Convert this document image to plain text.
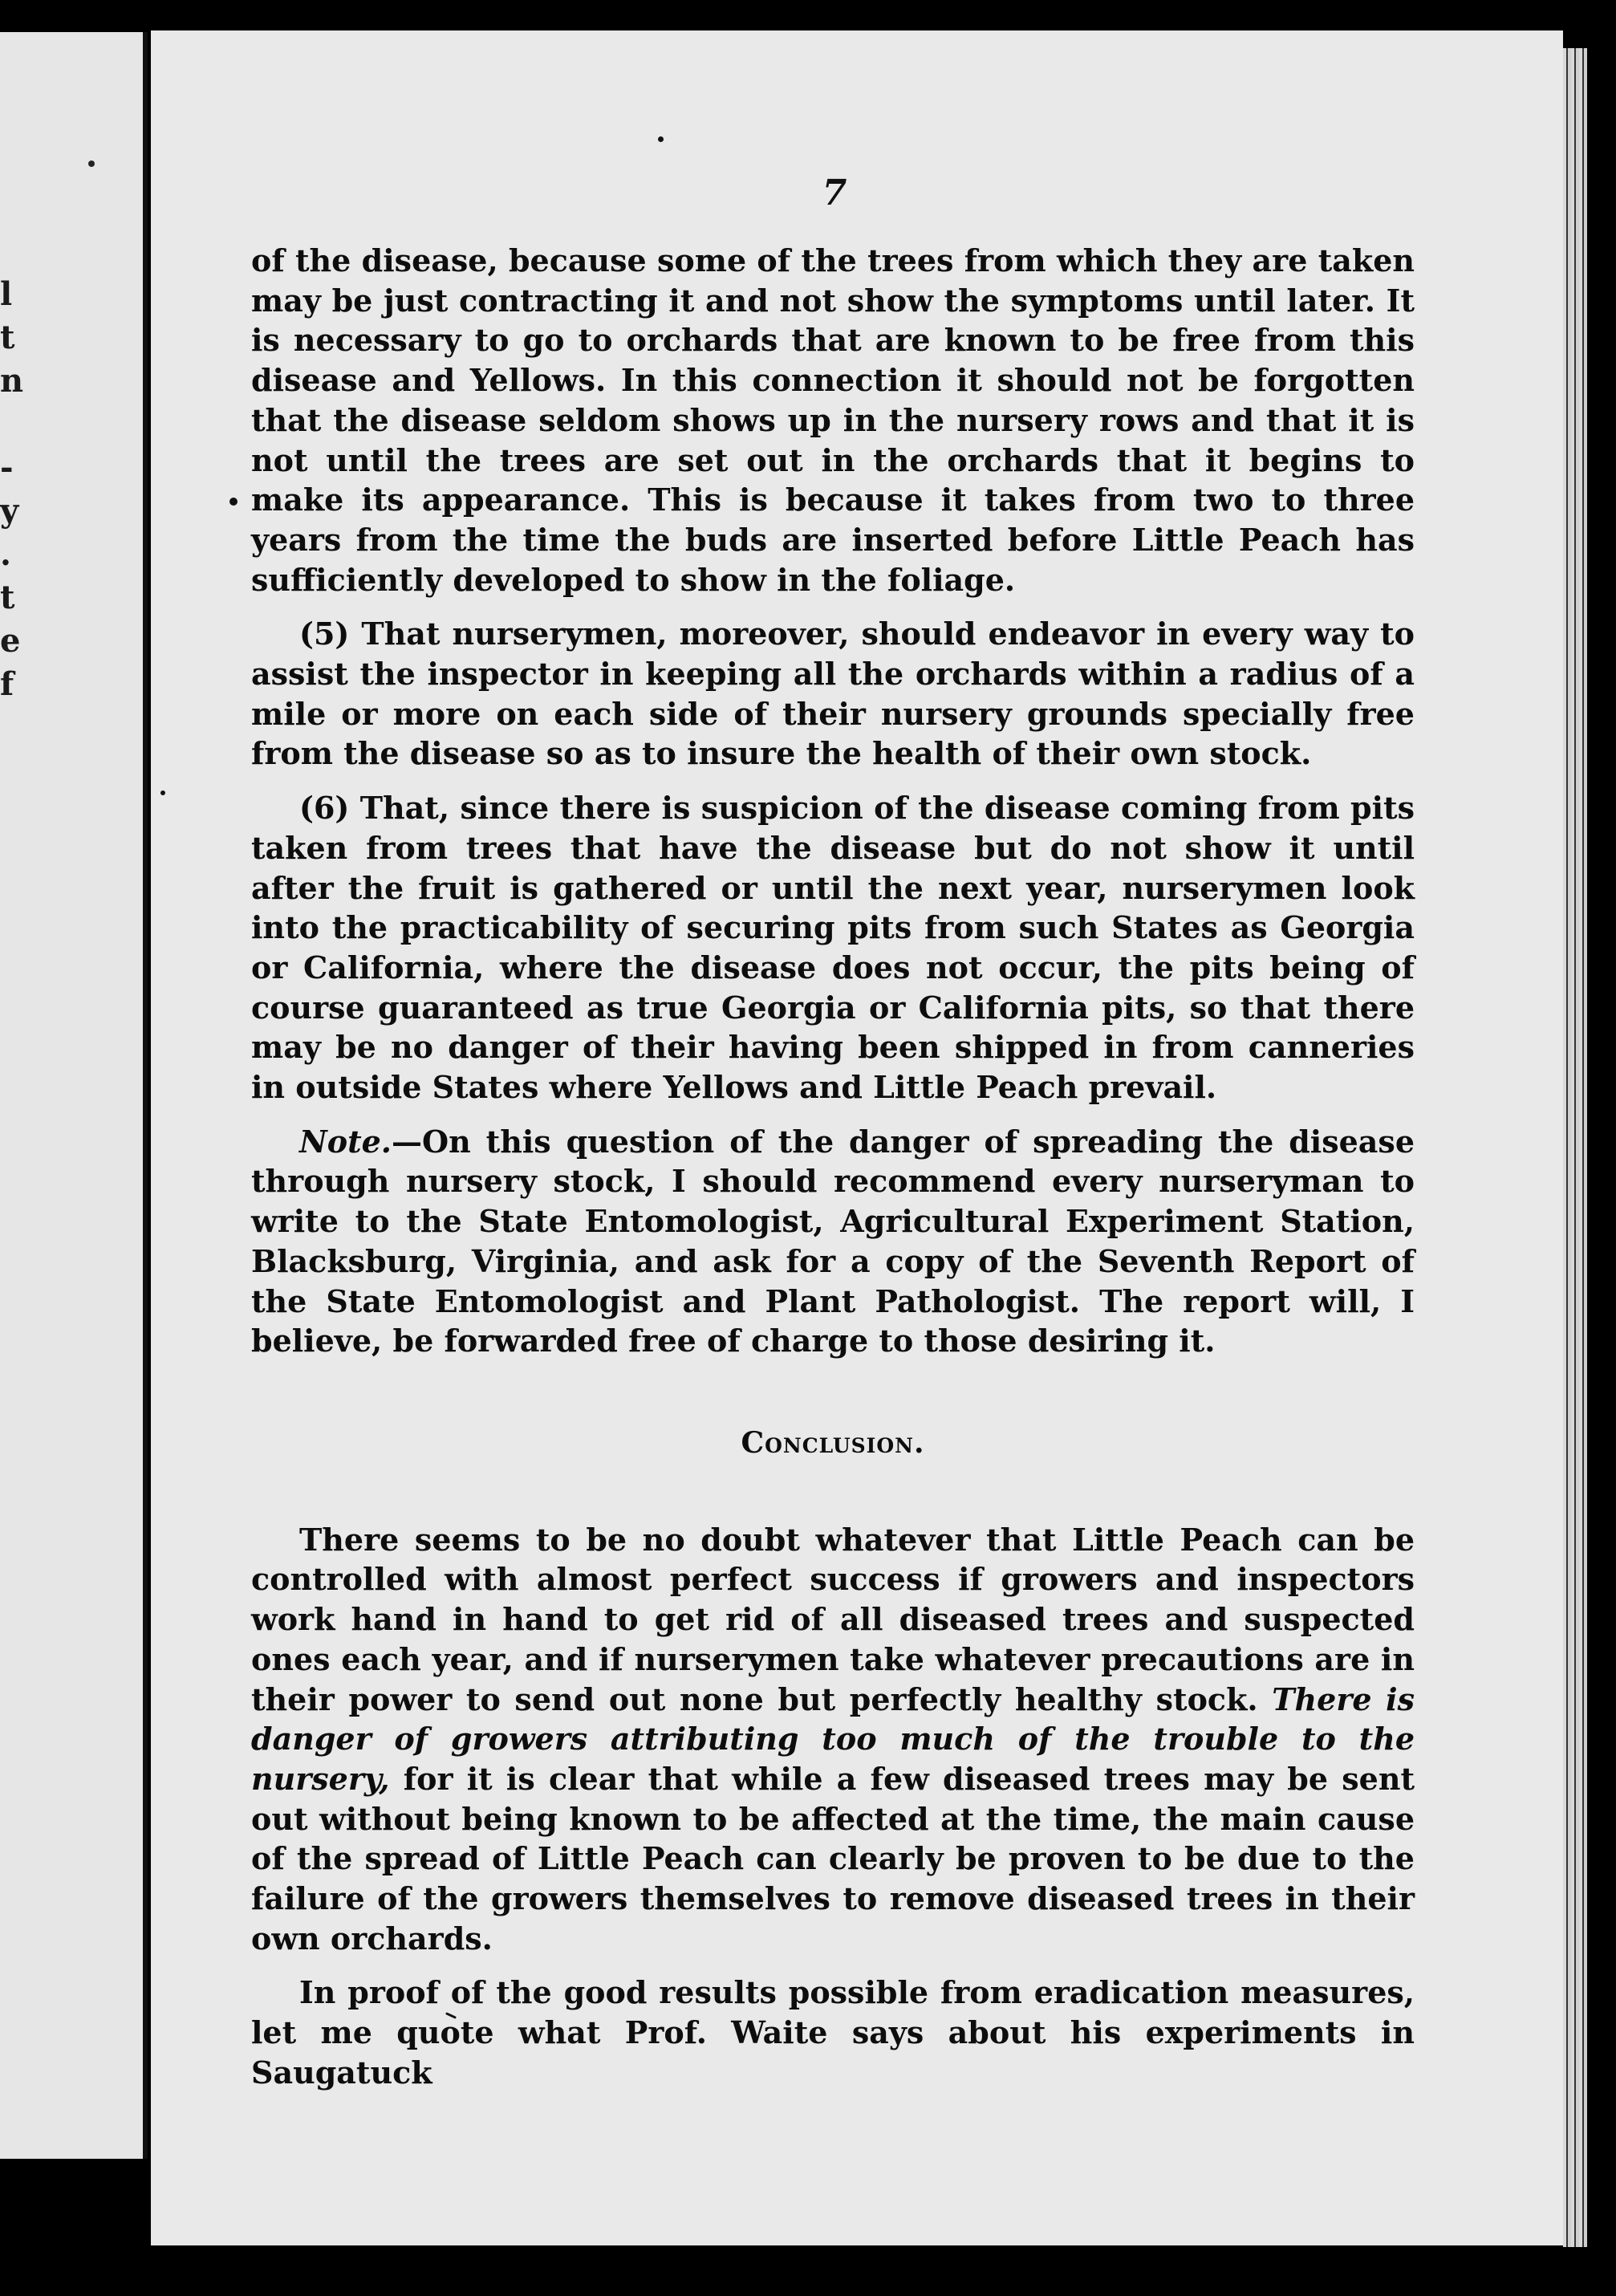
l
t
n

-
y
.
t
e
f
7

of the disease, because some of the trees from which they are taken may be just contracting it and not show the symptoms until later. It is necessary to go to orchards that are known to be free from this disease and Yellows. In this connection it should not be forgotten that the disease seldom shows up in the nursery rows and that it is not until the trees are set out in the orchards that it begins to make its appearance. This is because it takes from two to three years from the time the buds are inserted before Little Peach has sufficiently developed to show in the foliage.

(5) That nurserymen, moreover, should endeavor in every way to assist the inspector in keeping all the orchards within a radius of a mile or more on each side of their nursery grounds specially free from the disease so as to insure the health of their own stock.

(6) That, since there is suspicion of the disease coming from pits taken from trees that have the disease but do not show it until after the fruit is gathered or until the next year, nurserymen look into the practicability of securing pits from such States as Georgia or California, where the disease does not occur, the pits being of course guaranteed as true Georgia or California pits, so that there may be no danger of their having been shipped in from canneries in outside States where Yellows and Little Peach prevail.

Note.—On this question of the danger of spreading the disease through nursery stock, I should recommend every nurseryman to write to the State Entomologist, Agricultural Experiment Station, Blacksburg, Virginia, and ask for a copy of the Seventh Report of the State Entomologist and Plant Pathologist. The report will, I believe, be forwarded free of charge to those desiring it.

Conclusion.

There seems to be no doubt whatever that Little Peach can be controlled with almost perfect success if growers and inspectors work hand in hand to get rid of all diseased trees and suspected ones each year, and if nurserymen take whatever precautions are in their power to send out none but perfectly healthy stock. There is danger of growers attributing too much of the trouble to the nursery, for it is clear that while a few diseased trees may be sent out without being known to be affected at the time, the main cause of the spread of Little Peach can clearly be proven to be due to the failure of the growers themselves to remove diseased trees in their own orchards.

In proof of the good results possible from eradication measures, let me quote what Prof. Waite says about his experiments in Saugatuck
